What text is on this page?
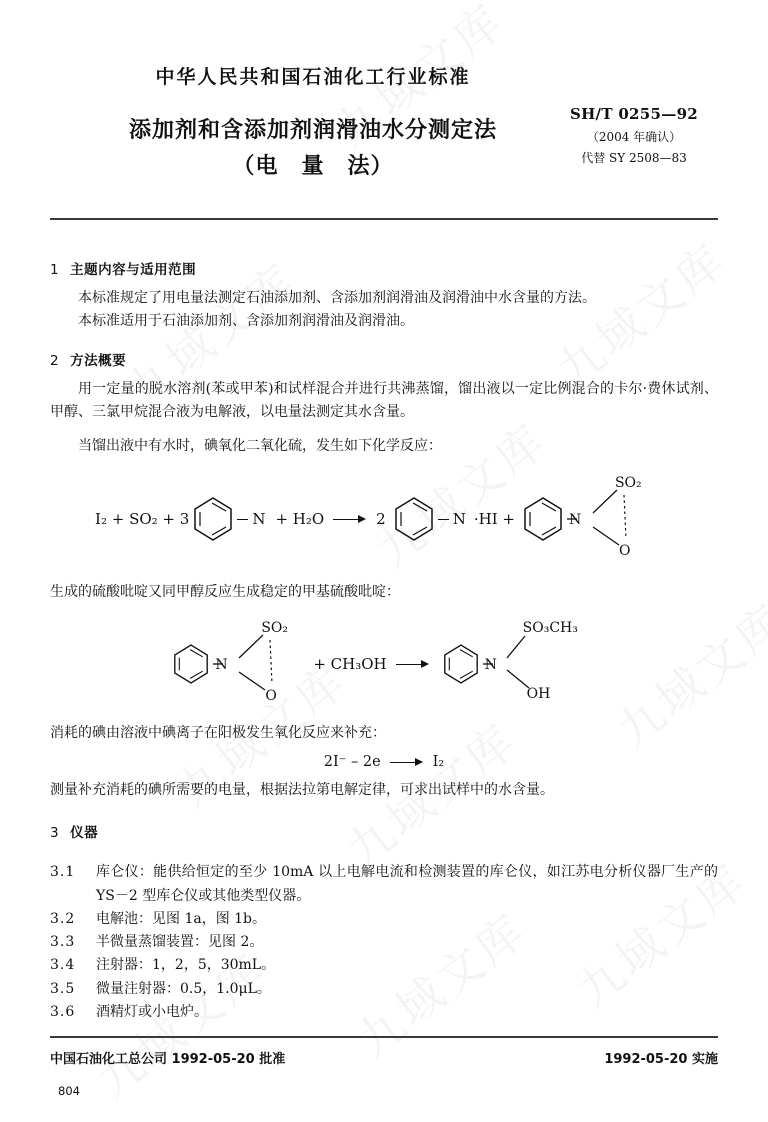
中华人民共和国石油化工行业标准
添加剂和含添加剂润滑油水分测定法
（电　量　法）
SH/T 0255—92
（2004 年确认）
代替 SY 2508—83
1 主题内容与适用范围

本标准规定了用电量法测定石油添加剂、含添加剂润滑油及润滑油中水含量的方法。

本标准适用于石油添加剂、含添加剂润滑油及润滑油。

2 方法概要

用一定量的脱水溶剂(苯或甲苯)和试样混合并进行共沸蒸馏，馏出液以一定比例混合的卡尔·费休试剂、甲醇、三氯甲烷混合液为电解液，以电量法测定其水含量。

当馏出液中有水时，碘氧化二氧化硫，发生如下化学反应：

I₂ + SO₂ + 3	N + H₂O	2	N ·HI +	N
SO₂
O

生成的硫酸吡啶又同甲醇反应生成稳定的甲基硫酸吡啶：

N
SO₂
O
+ CH₃OH	N
SO₃CH₃
OH

消耗的碘由溶液中碘离子在阳极发生氧化反应来补充：

2I⁻ – 2e	I₂

测量补充消耗的碘所需要的电量，根据法拉第电解定律，可求出试样中的水含量。

3 仪器
3.1	库仑仪：能供给恒定的至少 10mA 以上电解电流和检测装置的库仑仪，如江苏电分析仪器厂生产的 YS－2 型库仑仪或其他类型仪器。
3.2	电解池：见图 1a，图 1b。
3.3	半微量蒸馏装置：见图 2。
3.4	注射器：1，2，5，30mL。
3.5	微量注射器：0.5，1.0μL。
3.6	酒精灯或小电炉。
中国石油化工总公司 1992-05-20 批准	1992-05-20 实施
804
